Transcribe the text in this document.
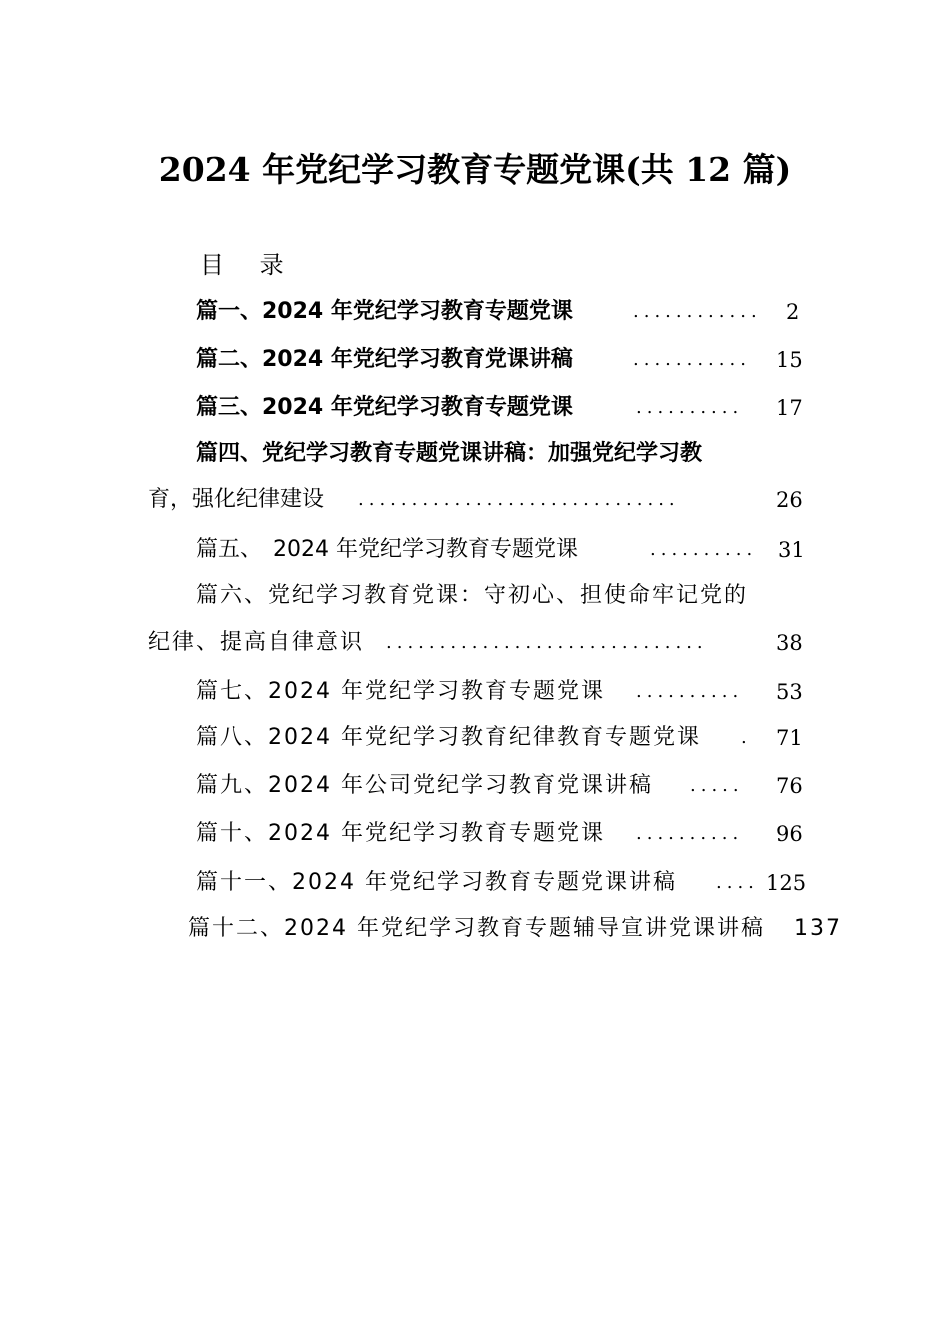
2024 年党纪学习教育专题党课(共 12 篇)
目 录
篇一、2024 年党纪学习教育专题党课	............ 2
篇二、2024 年党纪学习教育党课讲稿	........... 15
篇三、2024 年党纪学习教育专题党课	.......... 17
篇四、党纪学习教育专题党课讲稿：加强党纪学习教
育，强化纪律建设 ..............................	26
篇五、　2024 年党纪学习教育专题党课	.......... 31
篇六、党纪学习教育党课：守初心、担使命牢记党的
纪律、提高自律意识 ..............................	38
篇七、2024 年党纪学习教育专题党课 .......... 53
篇八、2024 年党纪学习教育纪律教育专题党课 . 71
篇九、2024 年公司党纪学习教育党课讲稿 ..... 76
篇十、2024 年党纪学习教育专题党课 .......... 96
篇十一、2024 年党纪学习教育专题党课讲稿 .... 125
篇十二、2024 年党纪学习教育专题辅导宣讲党课讲稿 137
